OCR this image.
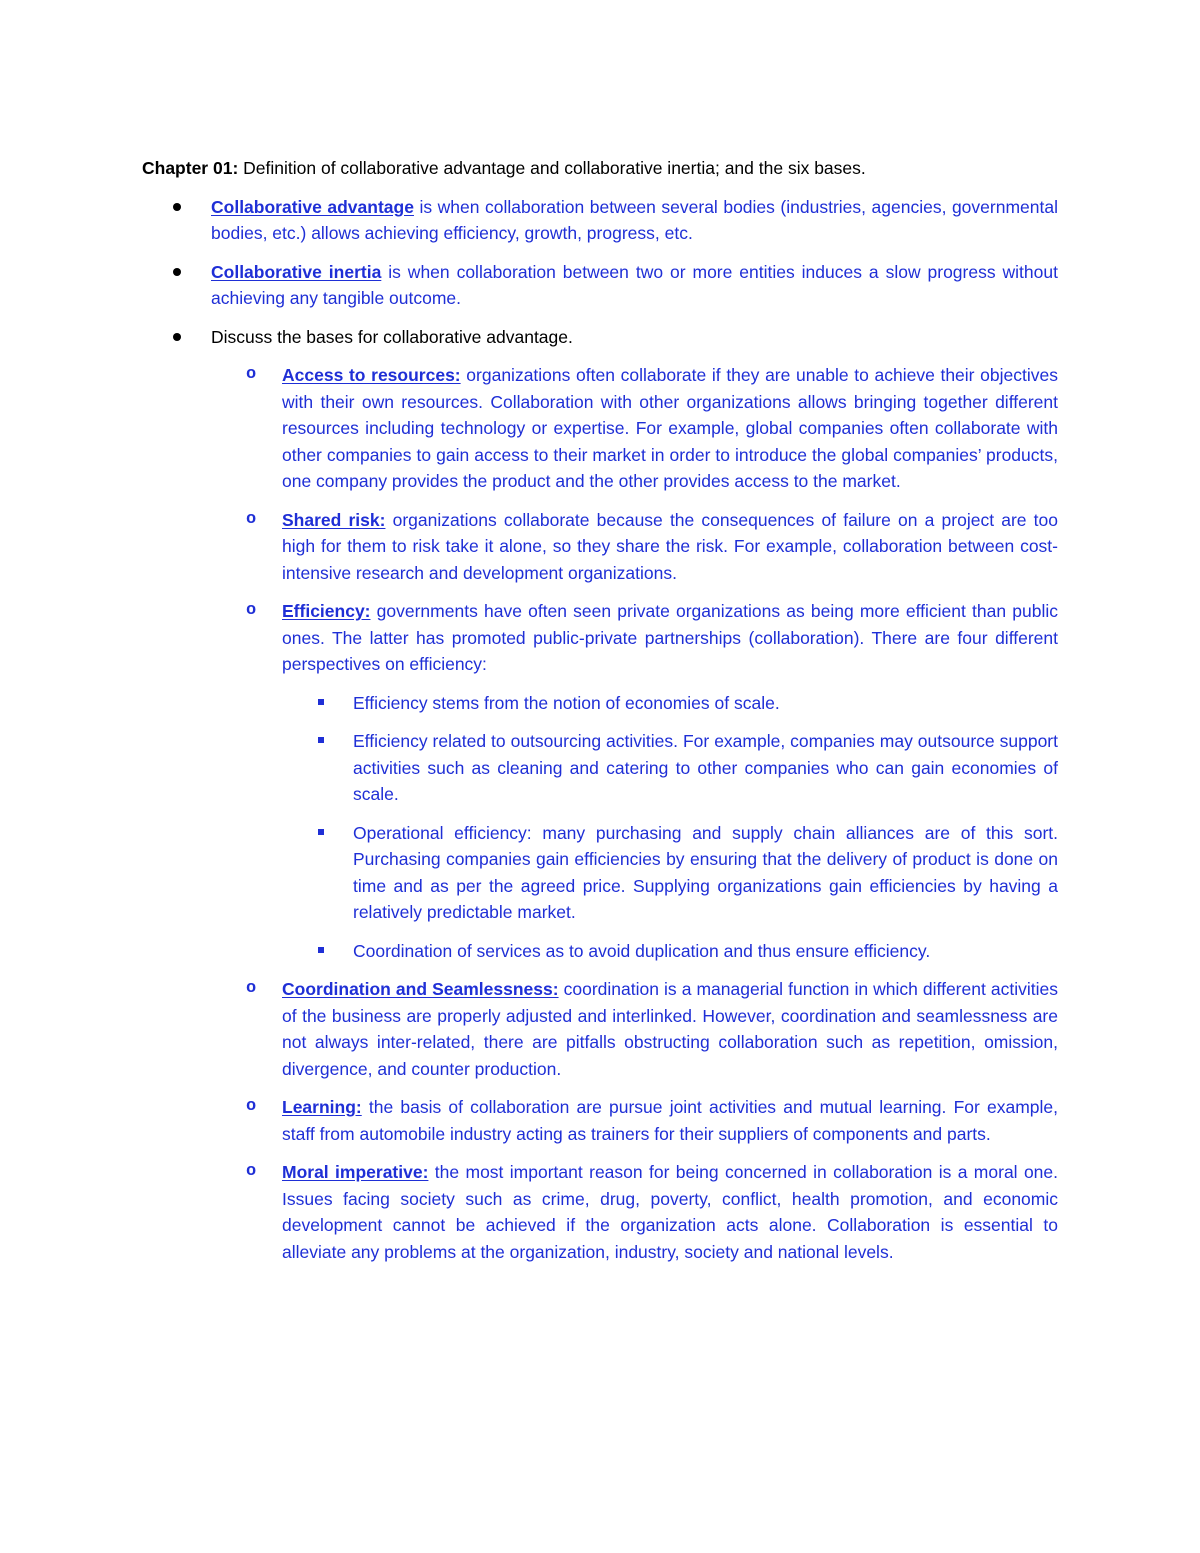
Chapter 01: Definition of collaborative advantage and collaborative inertia; and the six bases.

Collaborative advantage is when collaboration between several bodies (industries, agencies, governmental bodies, etc.) allows achieving efficiency, growth, progress, etc.

Collaborative inertia is when collaboration between two or more entities induces a slow progress without achieving any tangible outcome.

Discuss the bases for collaborative advantage.

o Access to resources: organizations often collaborate if they are unable to achieve their objectives with their own resources. Collaboration with other organizations allows bringing together different resources including technology or expertise. For example, global companies often collaborate with other companies to gain access to their market in order to introduce the global companies’ products, one company provides the product and the other provides access to the market.

o Shared risk: organizations collaborate because the consequences of failure on a project are too high for them to risk take it alone, so they share the risk. For example, collaboration between cost-intensive research and development organizations.

o Efficiency: governments have often seen private organizations as being more efficient than public ones. The latter has promoted public-private partnerships (collaboration). There are four different perspectives on efficiency:

Efficiency stems from the notion of economies of scale.

Efficiency related to outsourcing activities. For example, companies may outsource support activities such as cleaning and catering to other companies who can gain economies of scale.

Operational efficiency: many purchasing and supply chain alliances are of this sort. Purchasing companies gain efficiencies by ensuring that the delivery of product is done on time and as per the agreed price. Supplying organizations gain efficiencies by having a relatively predictable market.

Coordination of services as to avoid duplication and thus ensure efficiency.

o Coordination and Seamlessness: coordination is a managerial function in which different activities of the business are properly adjusted and interlinked. However, coordination and seamlessness are not always inter-related, there are pitfalls obstructing collaboration such as repetition, omission, divergence, and counter production.

o Learning: the basis of collaboration are pursue joint activities and mutual learning. For example, staff from automobile industry acting as trainers for their suppliers of components and parts.

o Moral imperative: the most important reason for being concerned in collaboration is a moral one. Issues facing society such as crime, drug, poverty, conflict, health promotion, and economic development cannot be achieved if the organization acts alone. Collaboration is essential to alleviate any problems at the organization, industry, society and national levels.
